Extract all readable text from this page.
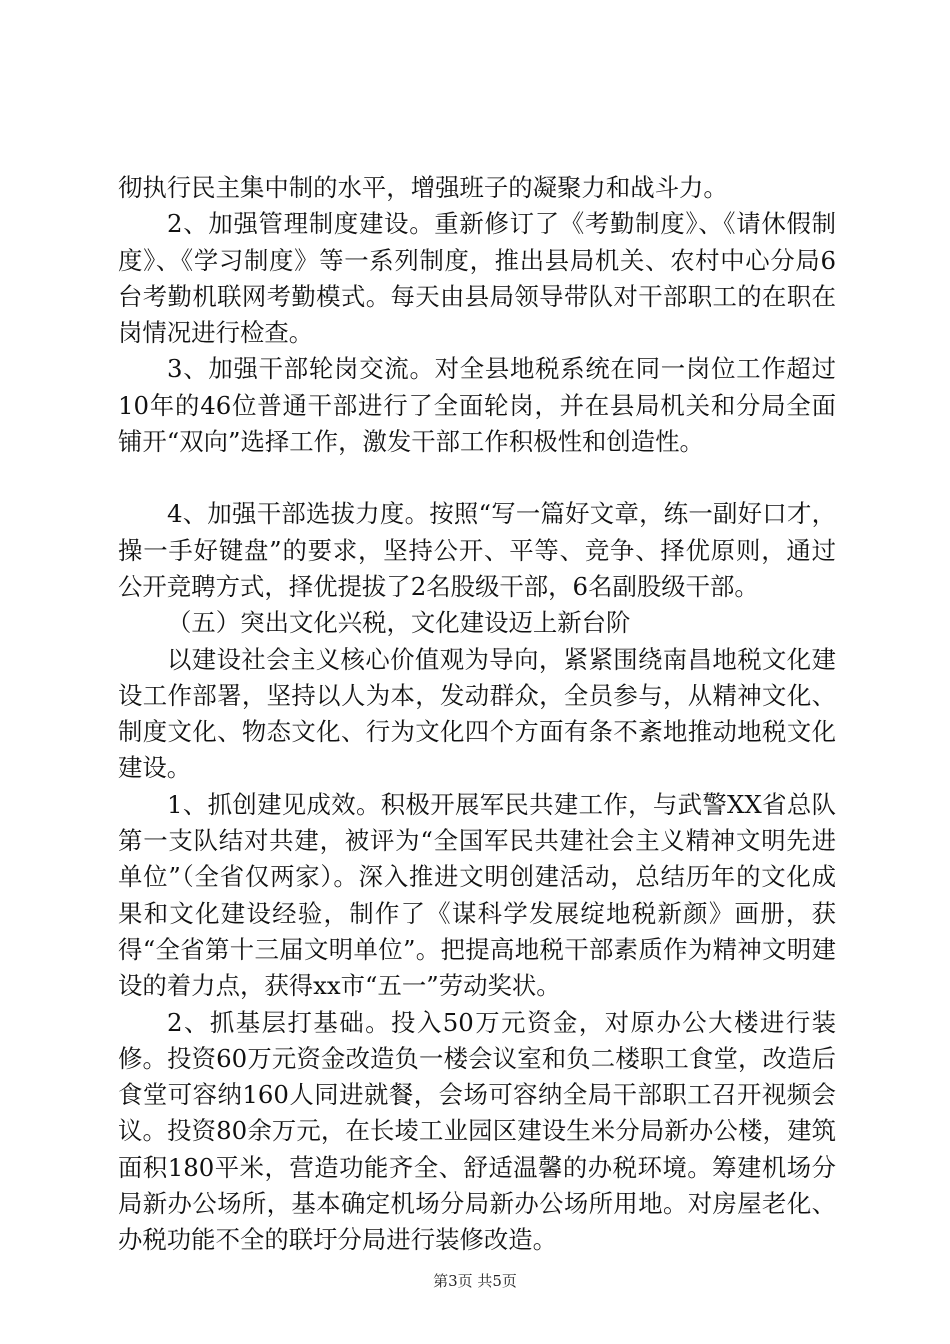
彻执行民主集中制的水平，增强班子的凝聚力和战斗力。

2、加强管理制度建设。重新修订了《考勤制度》、《请休假制度》、《学习制度》等一系列制度，推出县局机关、农村中心分局6台考勤机联网考勤模式。每天由县局领导带队对干部职工的在职在岗情况进行检查。

3、加强干部轮岗交流。对全县地税系统在同一岗位工作超过10年的46位普通干部进行了全面轮岗，并在县局机关和分局全面铺开“双向”选择工作，激发干部工作积极性和创造性。

4、加强干部选拔力度。按照“写一篇好文章，练一副好口才，操一手好键盘”的要求，坚持公开、平等、竞争、择优原则，通过公开竞聘方式，择优提拔了2名股级干部，6名副股级干部。

（五）突出文化兴税，文化建设迈上新台阶

以建设社会主义核心价值观为导向，紧紧围绕南昌地税文化建设工作部署，坚持以人为本，发动群众，全员参与，从精神文化、制度文化、物态文化、行为文化四个方面有条不紊地推动地税文化建设。

1、抓创建见成效。积极开展军民共建工作，与武警XX省总队第一支队结对共建，被评为“全国军民共建社会主义精神文明先进单位”（全省仅两家）。深入推进文明创建活动，总结历年的文化成果和文化建设经验，制作了《谋科学发展绽地税新颜》画册，获得“全省第十三届文明单位”。把提高地税干部素质作为精神文明建设的着力点，获得xx市“五一”劳动奖状。

2、抓基层打基础。投入50万元资金，对原办公大楼进行装修。投资60万元资金改造负一楼会议室和负二楼职工食堂，改造后食堂可容纳160人同进就餐，会场可容纳全局干部职工召开视频会议。投资80余万元，在长堎工业园区建设生米分局新办公楼，建筑面积180平米，营造功能齐全、舒适温馨的办税环境。筹建机场分局新办公场所，基本确定机场分局新办公场所用地。对房屋老化、办税功能不全的联圩分局进行装修改造。

第3页 共5页
